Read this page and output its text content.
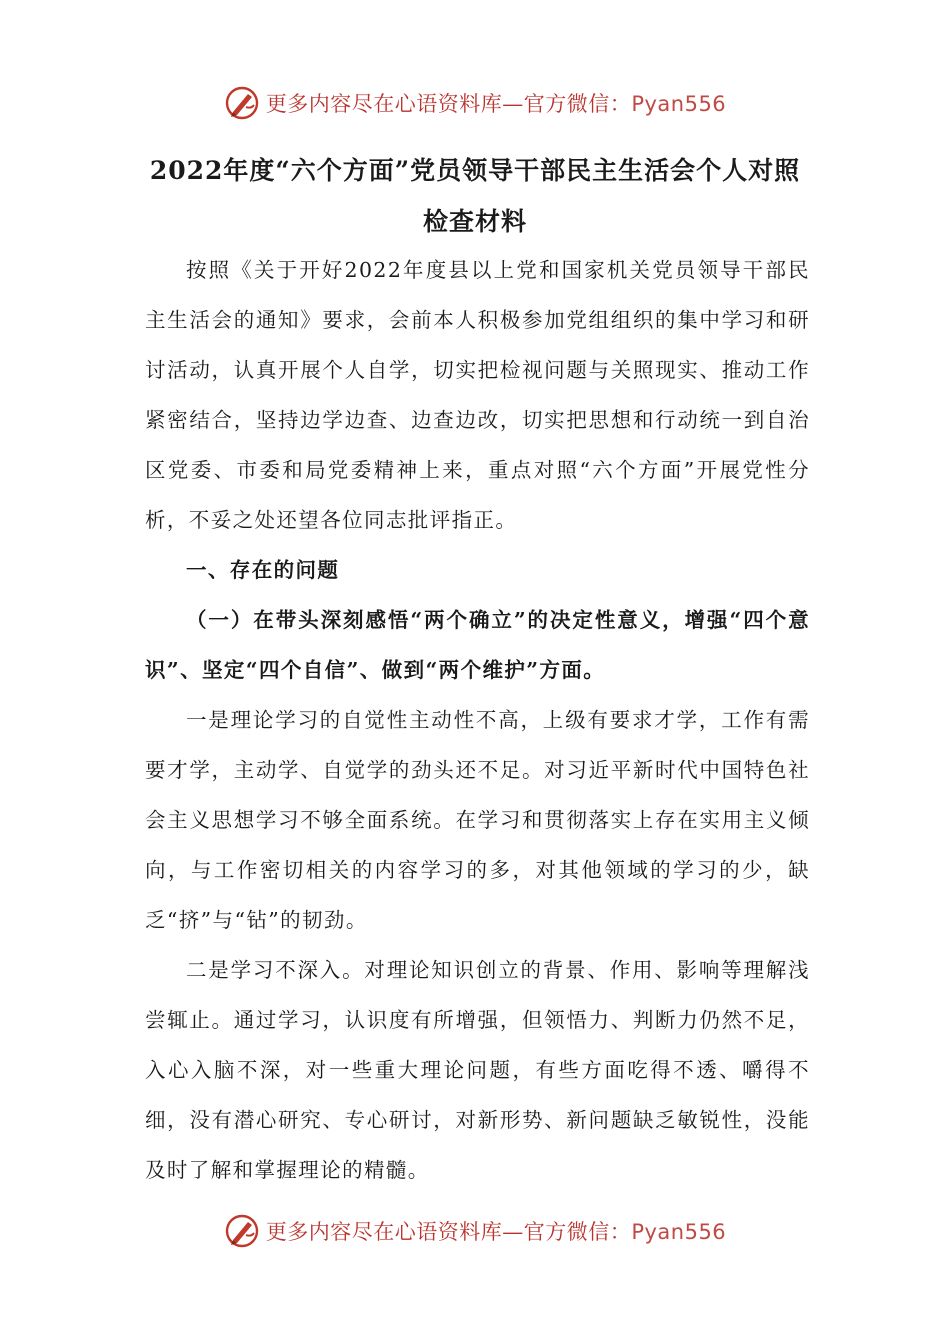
更多内容尽在心语资料库—官方微信：Pyan556
2022年度“六个方面”党员领导干部民主生活会个人对照
检查材料

按照《关于开好2022年度县以上党和国家机关党员领导干部民主生活会的通知》要求，会前本人积极参加党组组织的集中学习和研讨活动，认真开展个人自学，切实把检视问题与关照现实、推动工作紧密结合，坚持边学边查、边查边改，切实把思想和行动统一到自治区党委、市委和局党委精神上来，重点对照“六个方面”开展党性分析，不妥之处还望各位同志批评指正。

一、存在的问题

（一）在带头深刻感悟“两个确立”的决定性意义，增强“四个意识”、坚定“四个自信”、做到“两个维护”方面。

一是理论学习的自觉性主动性不高，上级有要求才学，工作有需要才学，主动学、自觉学的劲头还不足。对习近平新时代中国特色社会主义思想学习不够全面系统。在学习和贯彻落实上存在实用主义倾向，与工作密切相关的内容学习的多，对其他领域的学习的少，缺乏“挤”与“钻”的韧劲。

二是学习不深入。对理论知识创立的背景、作用、影响等理解浅尝辄止。通过学习，认识度有所增强，但领悟力、判断力仍然不足，入心入脑不深，对一些重大理论问题，有些方面吃得不透、嚼得不细，没有潜心研究、专心研讨，对新形势、新问题缺乏敏锐性，没能及时了解和掌握理论的精髓。

更多内容尽在心语资料库—官方微信：Pyan556
